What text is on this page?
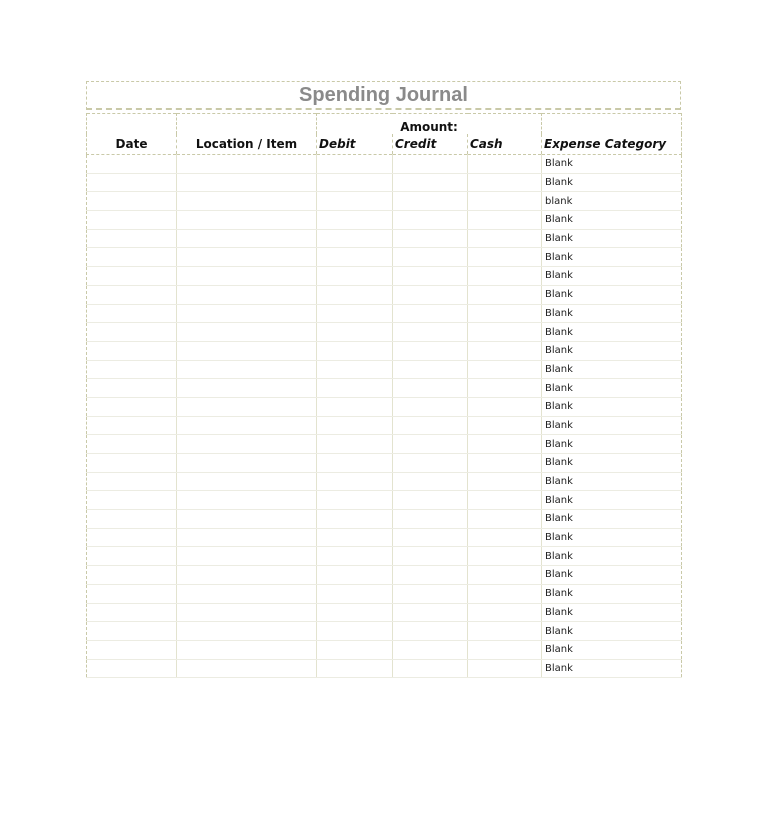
Spending Journal
		Amount:			
Date	Location / Item	Debit	Credit	Cash	Expense Category
					Blank
					Blank
					blank
					Blank
					Blank
					Blank
					Blank
					Blank
					Blank
					Blank
					Blank
					Blank
					Blank
					Blank
					Blank
					Blank
					Blank
					Blank
					Blank
					Blank
					Blank
					Blank
					Blank
					Blank
					Blank
					Blank
					Blank
					Blank
